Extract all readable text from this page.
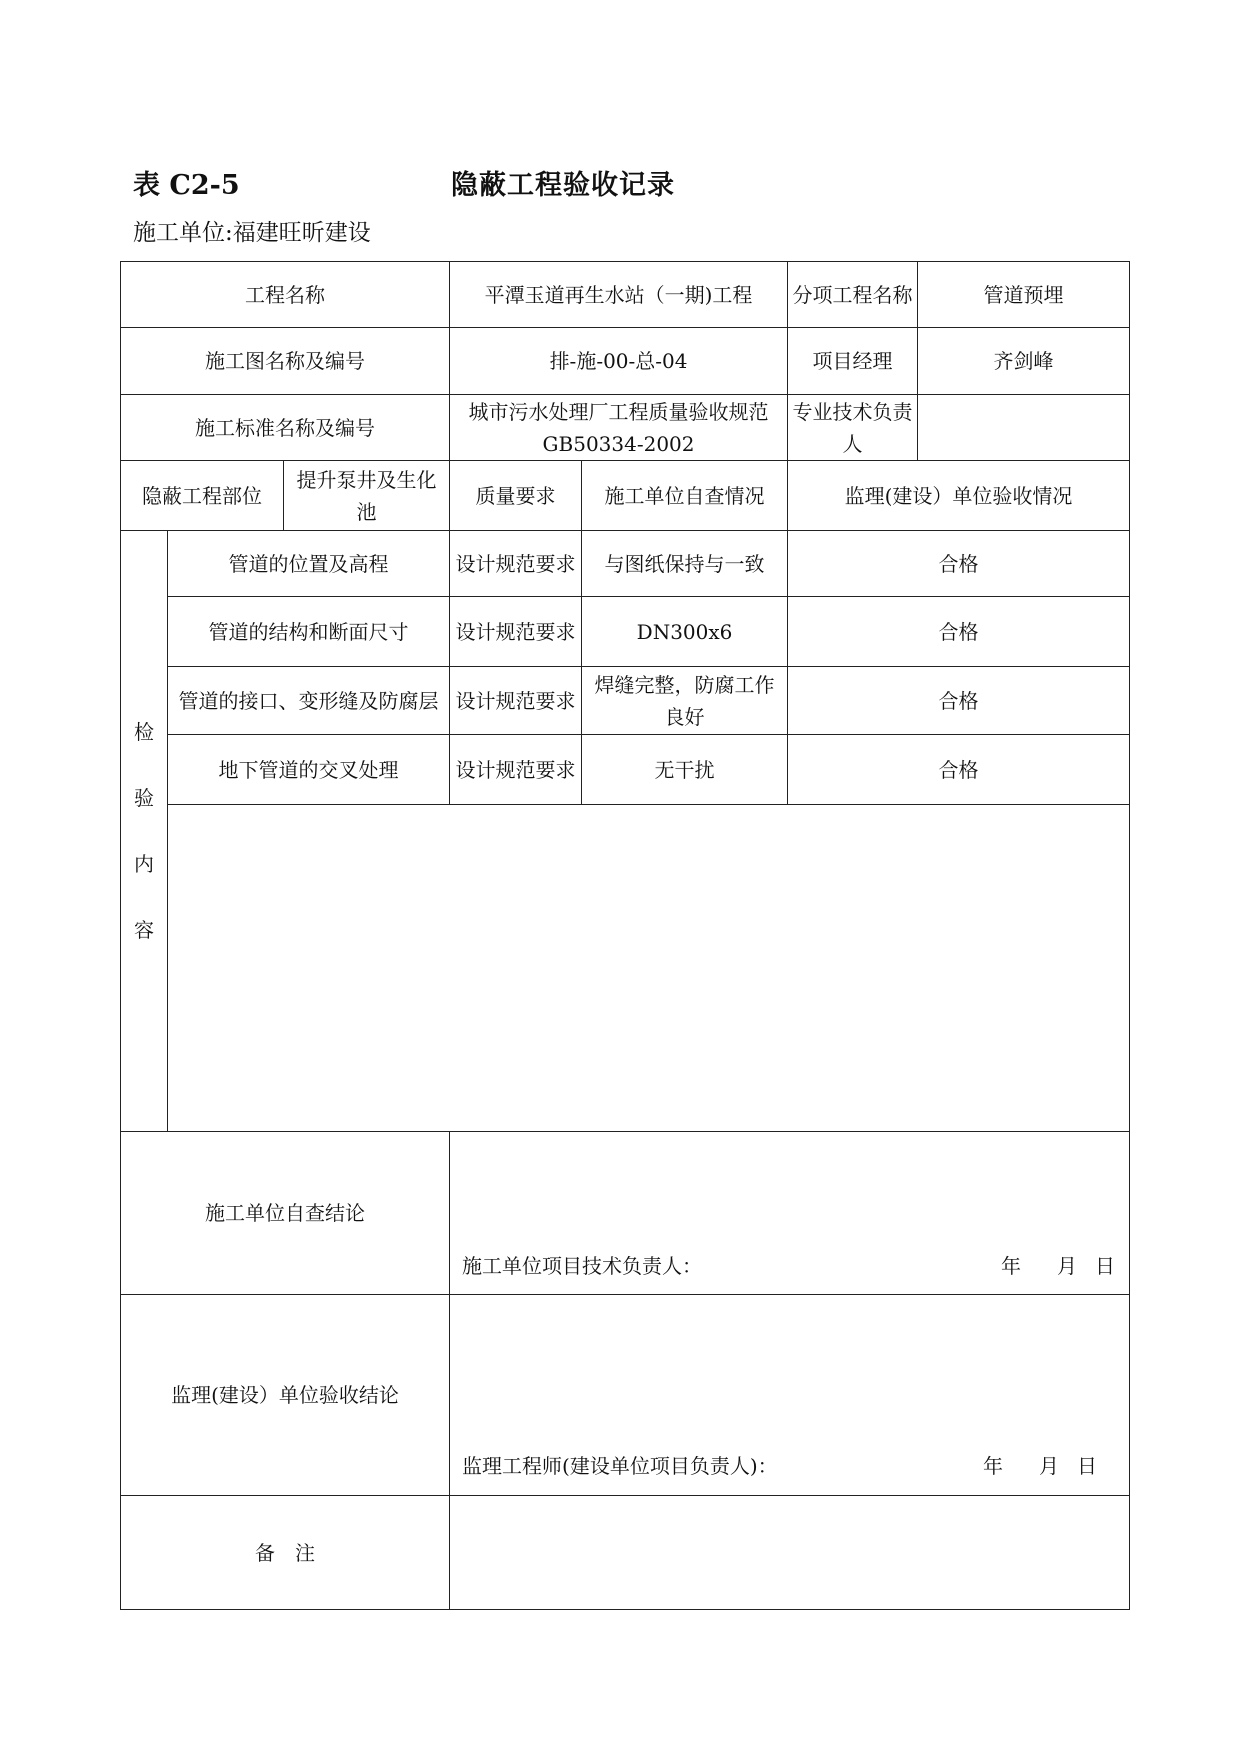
表 C2-5	隐蔽工程验收记录
施工单位:福建旺昕建设
工程名称			平潭玉道再生水站（一期)工程		分项工程名称	管道预埋
施工图名称及编号			排-施-00-总-04		项目经理	齐剑峰
施工标准名称及编号			城市污水处理厂工程质量验收规范 GB50334-2002		专业技术负责人	
隐蔽工程部位		提升泵井及生化池	质量要求	施工单位自查情况	监理(建设）单位验收情况	
检
验
内
容	管道的位置及高程		设计规范要求	与图纸保持与一致	合格	
	管道的结构和断面尺寸		设计规范要求	DN300x6	合格	
	管道的接口、变形缝及防腐层		设计规范要求	焊缝完整，防腐工作良好	合格	
	地下管道的交叉处理		设计规范要求	无干扰	合格	

施工单位自查结论			施工单位项目技术负责人： 年 月 日			

监理(建设）单位验收结论			监理工程师(建设单位项目负责人)： 年 月 日			

备　注						
